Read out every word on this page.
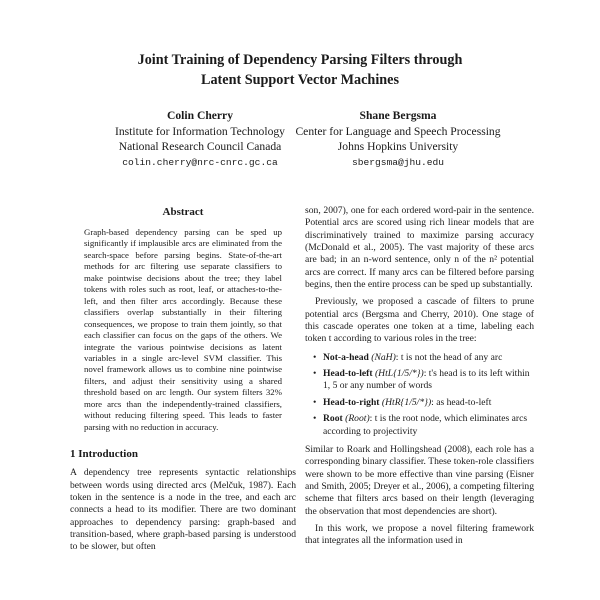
Joint Training of Dependency Parsing Filters through
Latent Support Vector Machines
Colin Cherry
Institute for Information Technology
National Research Council Canada
colin.cherry@nrc-cnrc.gc.ca
Shane Bergsma
Center for Language and Speech Processing
Johns Hopkins University
sbergsma@jhu.edu
Abstract
Graph-based dependency parsing can be sped up significantly if implausible arcs are eliminated from the search-space before parsing begins. State-of-the-art methods for arc filtering use separate classifiers to make pointwise decisions about the tree; they label tokens with roles such as root, leaf, or attaches-to-the-left, and then filter arcs accordingly. Because these classifiers overlap substantially in their filtering consequences, we propose to train them jointly, so that each classifier can focus on the gaps of the others. We integrate the various pointwise decisions as latent variables in a single arc-level SVM classifier. This novel framework allows us to combine nine pointwise filters, and adjust their sensitivity using a shared threshold based on arc length. Our system filters 32% more arcs than the independently-trained classifiers, without reducing filtering speed. This leads to faster parsing with no reduction in accuracy.
1 Introduction

A dependency tree represents syntactic relationships between words using directed arcs (Melčuk, 1987). Each token in the sentence is a node in the tree, and each arc connects a head to its modifier. There are two dominant approaches to dependency parsing: graph-based and transition-based, where graph-based parsing is understood to be slower, but often

son, 2007), one for each ordered word-pair in the sentence. Potential arcs are scored using rich linear models that are discriminatively trained to maximize parsing accuracy (McDonald et al., 2005). The vast majority of these arcs are bad; in an n-word sentence, only n of the n² potential arcs are correct. If many arcs can be filtered before parsing begins, then the entire process can be sped up substantially.

Previously, we proposed a cascade of filters to prune potential arcs (Bergsma and Cherry, 2010). One stage of this cascade operates one token at a time, labeling each token t according to various roles in the tree:

• Not-a-head (NaH): t is not the head of any arc
• Head-to-left (HtL{1/5/*}): t's head is to its left within 1, 5 or any number of words
• Head-to-right (HtR{1/5/*}): as head-to-left
• Root (Root): t is the root node, which eliminates arcs according to projectivity

Similar to Roark and Hollingshead (2008), each role has a corresponding binary classifier. These token-role classifiers were shown to be more effective than vine parsing (Eisner and Smith, 2005; Dreyer et al., 2006), a competing filtering scheme that filters arcs based on their length (leveraging the observation that most dependencies are short).

In this work, we propose a novel filtering framework that integrates all the information used in
